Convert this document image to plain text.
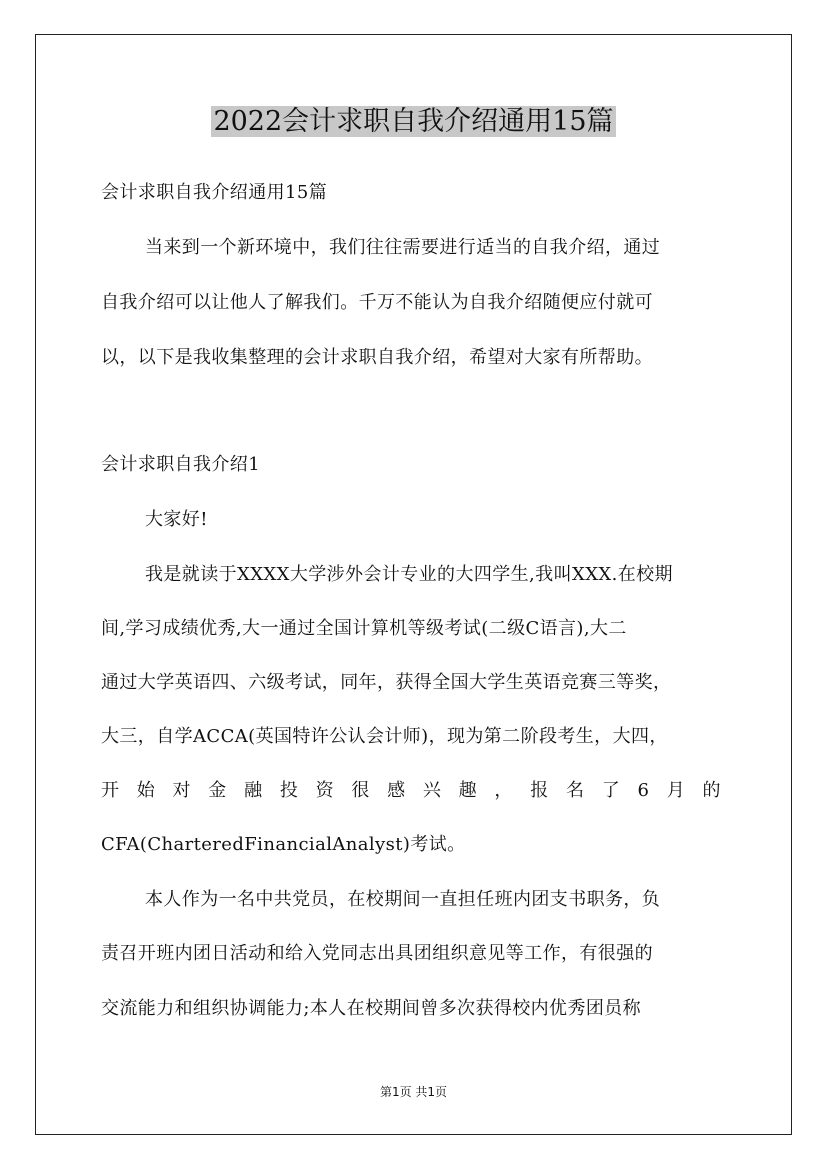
2022会计求职自我介绍通用15篇
会计求职自我介绍通用15篇
当来到一个新环境中，我们往往需要进行适当的自我介绍，通过
自我介绍可以让他人了解我们。千万不能认为自我介绍随便应付就可
以，以下是我收集整理的会计求职自我介绍，希望对大家有所帮助。
会计求职自我介绍1
大家好!
我是就读于XXXX大学涉外会计专业的大四学生,我叫XXX.在校期
间,学习成绩优秀,大一通过全国计算机等级考试(二级C语言),大二
通过大学英语四、六级考试，同年，获得全国大学生英语竞赛三等奖，
大三，自学ACCA(英国特许公认会计师)，现为第二阶段考生，大四，
开 始 对 金 融 投 资 很 感 兴 趣 ， 报 名 了 6 月 的
CFA(CharteredFinancialAnalyst)考试。
本人作为一名中共党员，在校期间一直担任班内团支书职务，负
责召开班内团日活动和给入党同志出具团组织意见等工作，有很强的
交流能力和组织协调能力;本人在校期间曾多次获得校内优秀团员称
第1页 共1页
